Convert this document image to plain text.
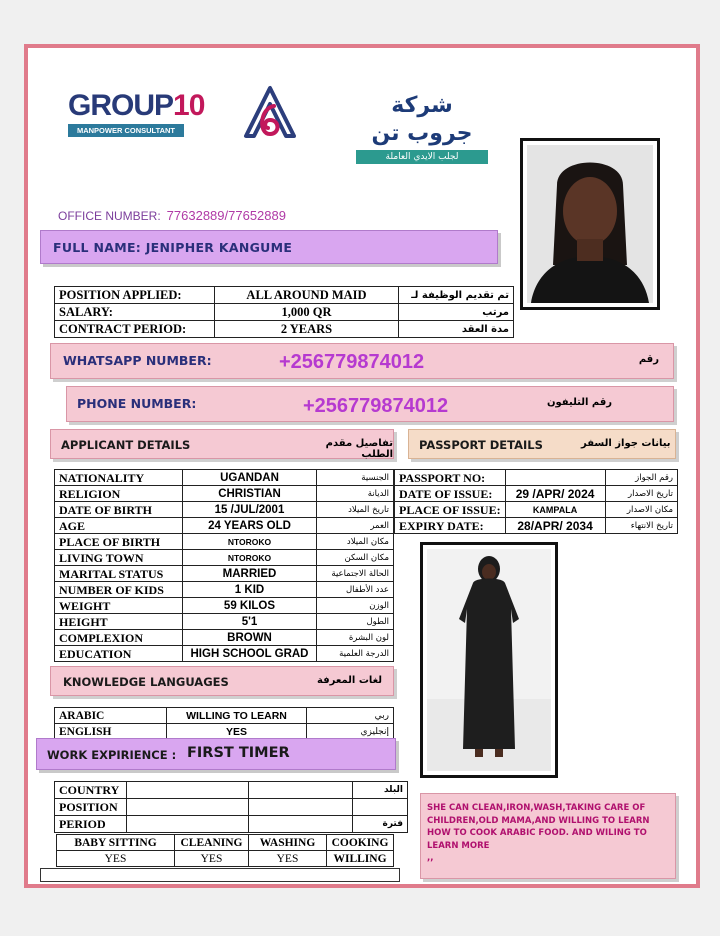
GROUP10
MANPOWER CONSULTANT
شركة جروب تن
لجلب الايدي العاملة
OFFICE NUMBER: 77632889/77652889
FULL NAME: JENIPHER KANGUME
POSITION APPLIED:	ALL AROUND MAID	تم تقديم الوظيفة لـ
SALARY:	1,000 QR	مرتب
CONTRACT PERIOD:	2 YEARS	مدة العقد
WHATSAPP NUMBER:	+256779874012	رقم
PHONE NUMBER:	+256779874012	رقم التليفون
APPLICANT DETAILS	تفاصيل مقدم الطلب
PASSPORT DETAILS	بيانات جواز السفر
NATIONALITY	UGANDAN	الجنسية
RELIGION	CHRISTIAN	الديانة
DATE OF BIRTH	15 /JUL/2001	تاريخ الميلاد
AGE	24 YEARS OLD	العمر
PLACE OF BIRTH	NTOROKO	مكان الميلاد
LIVING TOWN	NTOROKO	مكان السكن
MARITAL STATUS	MARRIED	الحالة الاجتماعية
NUMBER OF KIDS	1 KID	عدد الأطفال
WEIGHT	59 KILOS	الوزن
HEIGHT	5'1	الطول
COMPLEXION	BROWN	لون البشرة
EDUCATION	HIGH SCHOOL GRAD	الدرجة العلمية
PASSPORT NO:		رقم الجواز
DATE OF ISSUE:	29 /APR/ 2024	تاريخ الاصدار
PLACE OF ISSUE:	KAMPALA	مكان الاصدار
EXPIRY DATE:	28/APR/ 2034	تاريخ الانتهاء
KNOWLEDGE LANGUAGES	لغات المعرفة
ARABIC	WILLING TO LEARN	ربي
ENGLISH	YES	إنجليزي
WORK EXPIRIENCE : FIRST TIMER
COUNTRY			البلد
POSITION			
PERIOD			فترة
BABY SITTING	CLEANING	WASHING	COOKING
YES	YES	YES	WILLING
SHE CAN CLEAN,IRON,WASH,TAKING CARE OF CHILDREN,OLD MAMA,AND WILLING TO LEARN HOW TO COOK ARABIC FOOD. AND WILING TO LEARN MORE
,,
